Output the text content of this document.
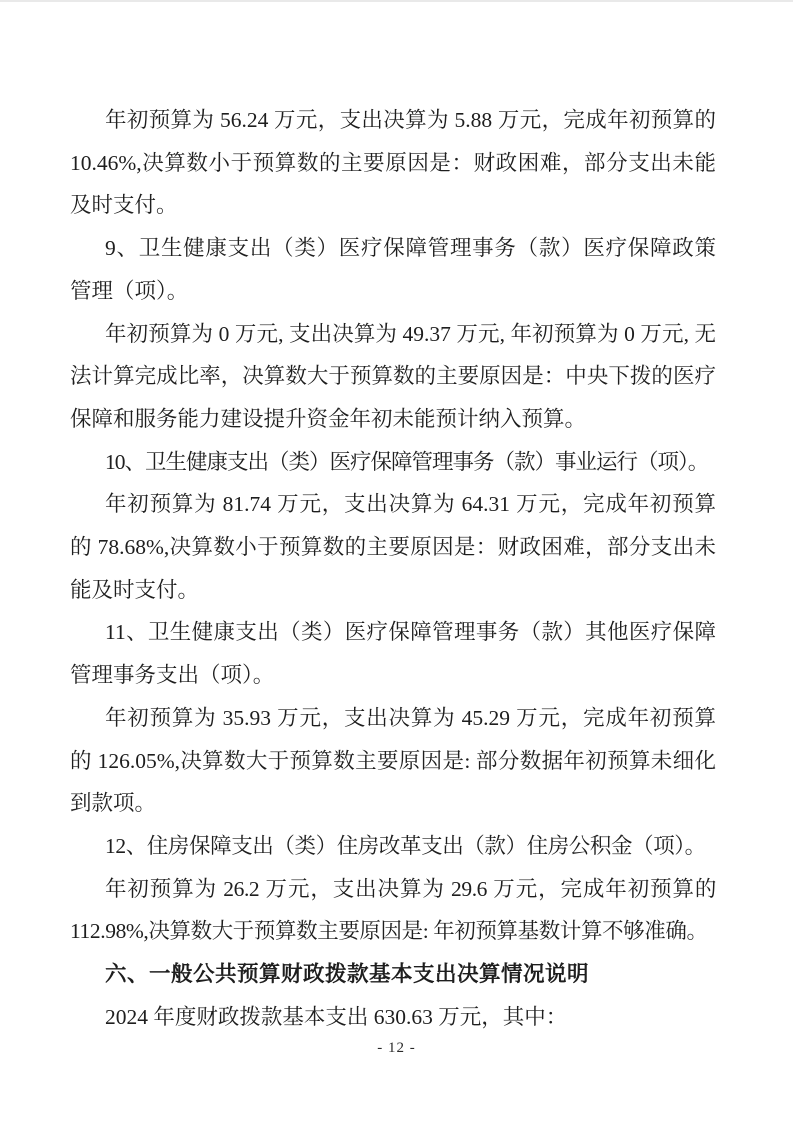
年初预算为 56.24 万元，支出决算为 5.88 万元，完成年初预算的 10.46%,决算数小于预算数的主要原因是：财政困难，部分支出未能及时支付。

9、卫生健康支出（类）医疗保障管理事务（款）医疗保障政策管理（项）。

年初预算为 0 万元, 支出决算为 49.37 万元, 年初预算为 0 万元, 无法计算完成比率，决算数大于预算数的主要原因是：中央下拨的医疗保障和服务能力建设提升资金年初未能预计纳入预算。

10、卫生健康支出（类）医疗保障管理事务（款）事业运行（项）。

年初预算为 81.74 万元，支出决算为 64.31 万元，完成年初预算的 78.68%,决算数小于预算数的主要原因是：财政困难，部分支出未能及时支付。

11、卫生健康支出（类）医疗保障管理事务（款）其他医疗保障管理事务支出（项）。

年初预算为 35.93 万元，支出决算为 45.29 万元，完成年初预算的 126.05%,决算数大于预算数主要原因是: 部分数据年初预算未细化到款项。

12、住房保障支出（类）住房改革支出（款）住房公积金（项）。

年初预算为 26.2 万元，支出决算为 29.6 万元，完成年初预算的 112.98%,决算数大于预算数主要原因是: 年初预算基数计算不够准确。

六、一般公共预算财政拨款基本支出决算情况说明

2024 年度财政拨款基本支出 630.63 万元，其中：

- 12 -
